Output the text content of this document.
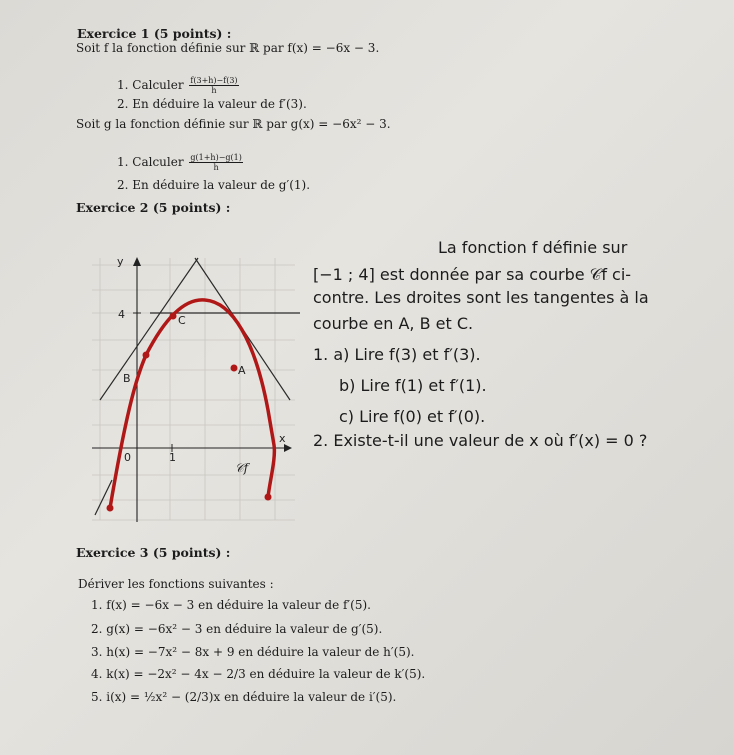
Exercice 1 (5 points) :
Soit f la fonction définie sur ℝ par f(x) = −6x − 3.
1. Calculer $\frac{f(3+h)-f(3)}{h}$
2. En déduire la valeur de f′(3).
Soit g la fonction définie sur ℝ par g(x) = −6x² − 3.
1. Calculer $\frac{g(1+h)-g(1)}{h}$
2. En déduire la valeur de g′(1).
Exercice 2 (5 points) :
La fonction f définie sur
[−1 ; 4] est donnée par sa courbe 𝒞f ci-
contre. Les droites sont les tangentes à la
courbe en A, B et C.
1. a) Lire f(3) et f′(3).
b) Lire f(1) et f′(1).
c) Lire f(0) et f′(0).
2. Existe-t-il une valeur de x où f′(x) = 0 ?
y
x
4
0	1
B
C
A
𝒞f
Exercice 3 (5 points) :
Dériver les fonctions suivantes :
1. f(x) = −6x − 3 en déduire la valeur de f′(5).
2. g(x) = −6x² − 3 en déduire la valeur de g′(5).
3. h(x) = −7x² − 8x + 9 en déduire la valeur de h′(5).
4. k(x) = −2x² − 4x − 2/3 en déduire la valeur de k′(5).
5. i(x) = ½x² − (2/3)x en déduire la valeur de i′(5).
